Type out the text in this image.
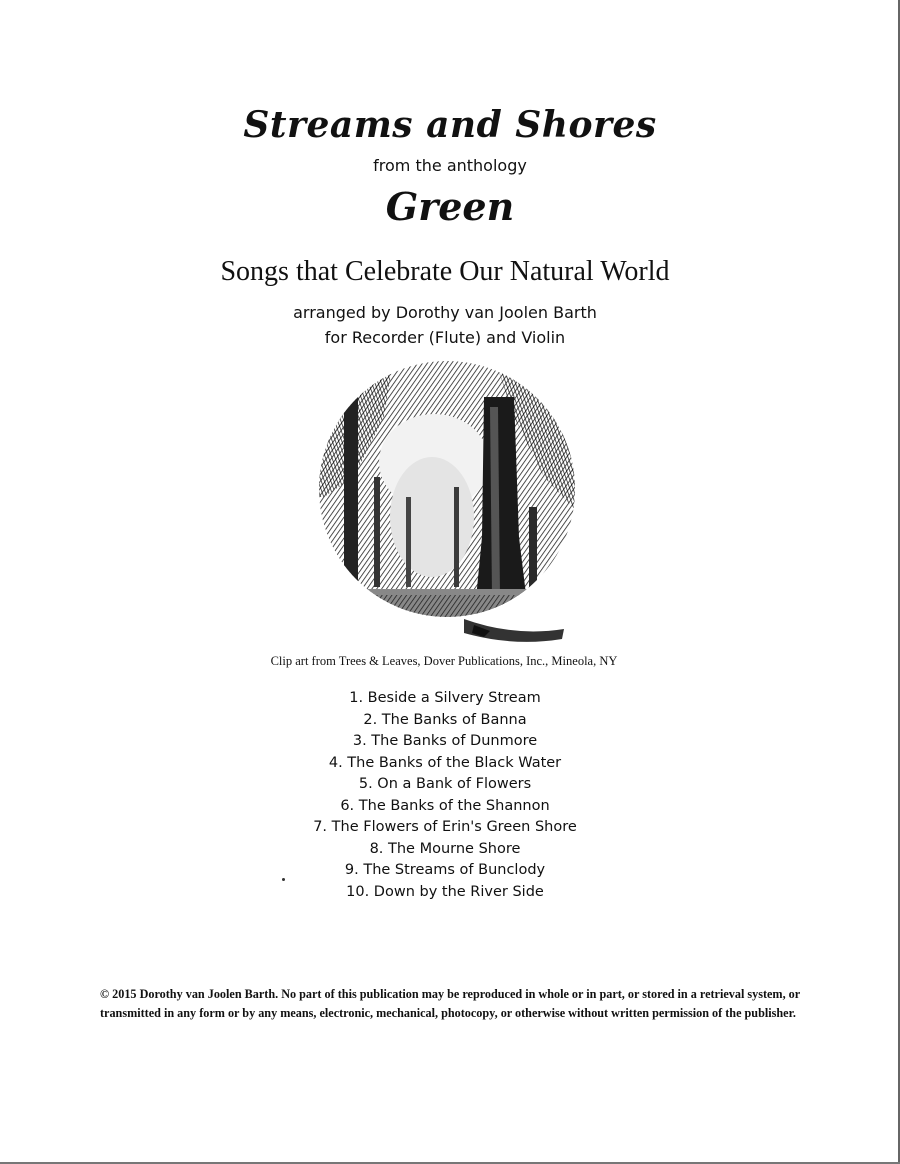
Streams and Shores
from the anthology
Green
Songs that Celebrate Our Natural World
arranged by Dorothy van Joolen Barth
for Recorder (Flute) and Violin
Clip art from Trees & Leaves, Dover Publications, Inc., Mineola, NY
1. Beside a Silvery Stream
2. The Banks of Banna
3. The Banks of Dunmore
4. The Banks of the Black Water
5. On a Bank of Flowers
6. The Banks of the Shannon
7. The Flowers of Erin's Green Shore
8. The Mourne Shore
9. The Streams of Bunclody
10. Down by the River Side
© 2015 Dorothy van Joolen Barth. No part of this publication may be reproduced in whole or in part, or stored in a retrieval system, or transmitted in any form or by any means, electronic, mechanical, photocopy, or otherwise without written permission of the publisher.
